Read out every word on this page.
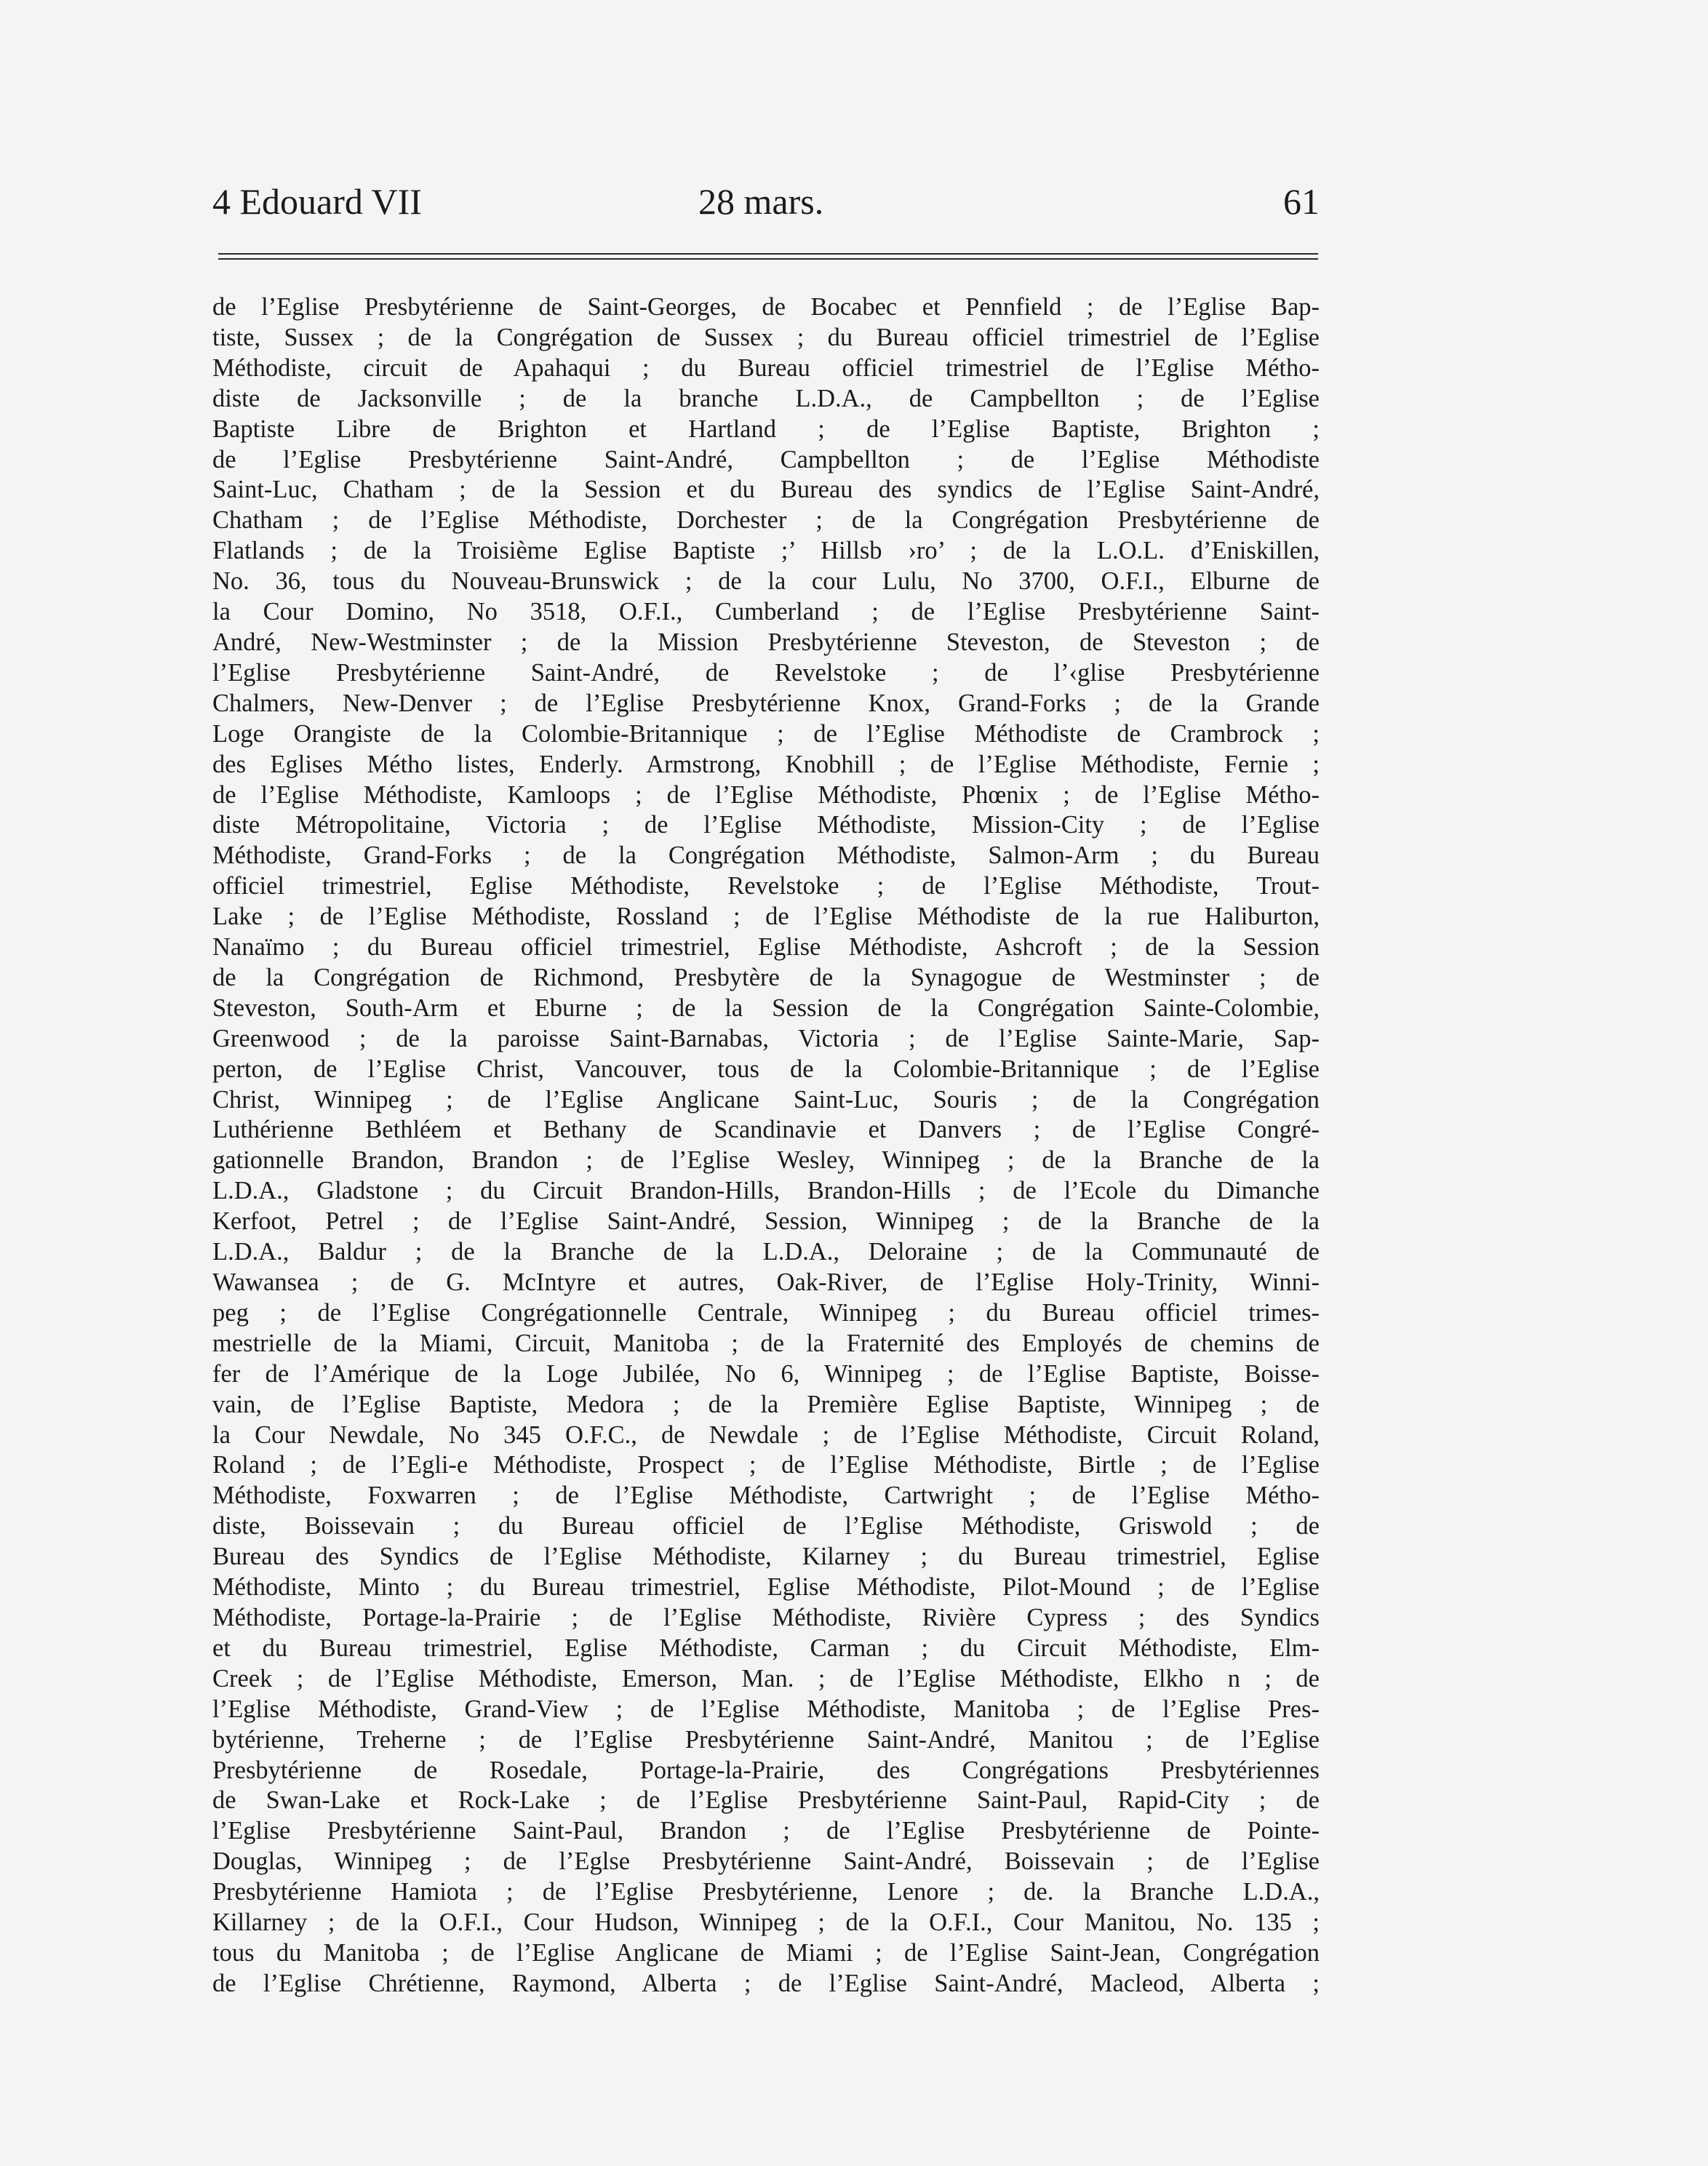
4 Edouard VII	28 mars.	61
de l’Eglise Presbytérienne de Saint-Georges, de Bocabec et Pennfield ; de l’Eglise Bap-
tiste, Sussex ; de la Congrégation de Sussex ; du Bureau officiel trimestriel de l’Eglise
Méthodiste, circuit de Apahaqui ; du Bureau officiel trimestriel de l’Eglise Métho-
diste de Jacksonville ; de la branche L.D.A., de Campbellton ; de l’Eglise
Baptiste Libre de Brighton et Hartland ; de l’Eglise Baptiste, Brighton ;
de l’Eglise Presbytérienne Saint-André, Campbellton ; de l’Eglise Méthodiste
Saint-Luc, Chatham ; de la Session et du Bureau des syndics de l’Eglise Saint-André,
Chatham ; de l’Eglise Méthodiste, Dorchester ; de la Congrégation Presbytérienne de
Flatlands ; de la Troisième Eglise Baptiste ;’ Hillsb ›ro’ ; de la L.O.L. d’Eniskillen,
No. 36, tous du Nouveau-Brunswick ; de la cour Lulu, No 3700, O.F.I., Elburne de
la Cour Domino, No 3518, O.F.I., Cumberland ; de l’Eglise Presbytérienne Saint-
André, New-Westminster ; de la Mission Presbytérienne Steveston, de Steveston ; de
l’Eglise Presbytérienne Saint-André, de Revelstoke ; de l’‹glise Presbytérienne
Chalmers, New-Denver ; de l’Eglise Presbytérienne Knox, Grand-Forks ; de la Grande
Loge Orangiste de la Colombie-Britannique ; de l’Eglise Méthodiste de Crambrock ;
des Eglises Métho listes, Enderly. Armstrong, Knobhill ; de l’Eglise Méthodiste, Fernie ;
de l’Eglise Méthodiste, Kamloops ; de l’Eglise Méthodiste, Phœnix ; de l’Eglise Métho-
diste Métropolitaine, Victoria ; de l’Eglise Méthodiste, Mission-City ; de l’Eglise
Méthodiste, Grand-Forks ; de la Congrégation Méthodiste, Salmon-Arm ; du Bureau
officiel trimestriel, Eglise Méthodiste, Revelstoke ; de l’Eglise Méthodiste, Trout-
Lake ; de l’Eglise Méthodiste, Rossland ; de l’Eglise Méthodiste de la rue Haliburton,
Nanaïmo ; du Bureau officiel trimestriel, Eglise Méthodiste, Ashcroft ; de la Session
de la Congrégation de Richmond, Presbytère de la Synagogue de Westminster ; de
Steveston, South-Arm et Eburne ; de la Session de la Congrégation Sainte-Colombie,
Greenwood ; de la paroisse Saint-Barnabas, Victoria ; de l’Eglise Sainte-Marie, Sap-
perton, de l’Eglise Christ, Vancouver, tous de la Colombie-Britannique ; de l’Eglise
Christ, Winnipeg ; de l’Eglise Anglicane Saint-Luc, Souris ; de la Congrégation
Luthérienne Bethléem et Bethany de Scandinavie et Danvers ; de l’Eglise Congré-
gationnelle Brandon, Brandon ; de l’Eglise Wesley, Winnipeg ; de la Branche de la
L.D.A., Gladstone ; du Circuit Brandon-Hills, Brandon-Hills ; de l’Ecole du Dimanche
Kerfoot, Petrel ; de l’Eglise Saint-André, Session, Winnipeg ; de la Branche de la
L.D.A., Baldur ; de la Branche de la L.D.A., Deloraine ; de la Communauté de
Wawansea ; de G. McIntyre et autres, Oak-River, de l’Eglise Holy-Trinity, Winni-
peg ; de l’Eglise Congrégationnelle Centrale, Winnipeg ; du Bureau officiel trimes-
mestrielle de la Miami, Circuit, Manitoba ; de la Fraternité des Employés de chemins de
fer de l’Amérique de la Loge Jubilée, No 6, Winnipeg ; de l’Eglise Baptiste, Boisse-
vain, de l’Eglise Baptiste, Medora ; de la Première Eglise Baptiste, Winnipeg ; de
la Cour Newdale, No 345 O.F.C., de Newdale ; de l’Eglise Méthodiste, Circuit Roland,
Roland ; de l’Egli-e Méthodiste, Prospect ; de l’Eglise Méthodiste, Birtle ; de l’Eglise
Méthodiste, Foxwarren ; de l’Eglise Méthodiste, Cartwright ; de l’Eglise Métho-
diste, Boissevain ; du Bureau officiel de l’Eglise Méthodiste, Griswold ; de
Bureau des Syndics de l’Eglise Méthodiste, Kilarney ; du Bureau trimestriel, Eglise
Méthodiste, Minto ; du Bureau trimestriel, Eglise Méthodiste, Pilot-Mound ; de l’Eglise
Méthodiste, Portage-la-Prairie ; de l’Eglise Méthodiste, Rivière Cypress ; des Syndics
et du Bureau trimestriel, Eglise Méthodiste, Carman ; du Circuit Méthodiste, Elm-
Creek ; de l’Eglise Méthodiste, Emerson, Man. ; de l’Eglise Méthodiste, Elkho n ; de
l’Eglise Méthodiste, Grand-View ; de l’Eglise Méthodiste, Manitoba ; de l’Eglise Pres-
bytérienne, Treherne ; de l’Eglise Presbytérienne Saint-André, Manitou ; de l’Eglise
Presbytérienne de Rosedale, Portage-la-Prairie, des Congrégations Presbytériennes
de Swan-Lake et Rock-Lake ; de l’Eglise Presbytérienne Saint-Paul, Rapid-City ; de
l’Eglise Presbytérienne Saint-Paul, Brandon ; de l’Eglise Presbytérienne de Pointe-
Douglas, Winnipeg ; de l’Eglse Presbytérienne Saint-André, Boissevain ; de l’Eglise
Presbytérienne Hamiota ; de l’Eglise Presbytérienne, Lenore ; de. la Branche L.D.A.,
Killarney ; de la O.F.I., Cour Hudson, Winnipeg ; de la O.F.I., Cour Manitou, No. 135 ;
tous du Manitoba ; de l’Eglise Anglicane de Miami ; de l’Eglise Saint-Jean, Congrégation
de l’Eglise Chrétienne, Raymond, Alberta ; de l’Eglise Saint-André, Macleod, Alberta ;
